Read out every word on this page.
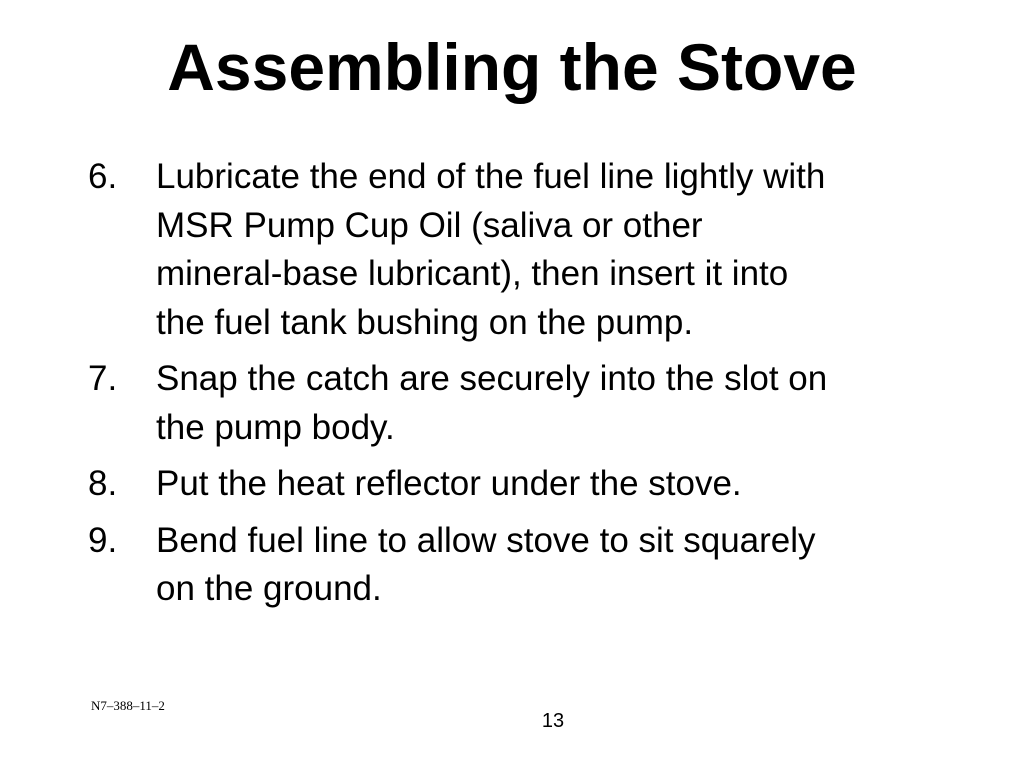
Assembling the Stove
6.	Lubricate the end of the fuel line lightly with
MSR Pump Cup Oil (saliva or other
mineral-base lubricant), then insert it into
the fuel tank bushing on the pump.
7.	Snap the catch are securely into the slot on
the pump body.
8.	Put the heat reflector under the stove.
9.	Bend fuel line to allow stove to sit squarely
on the ground.
N7–388–11–2
13
